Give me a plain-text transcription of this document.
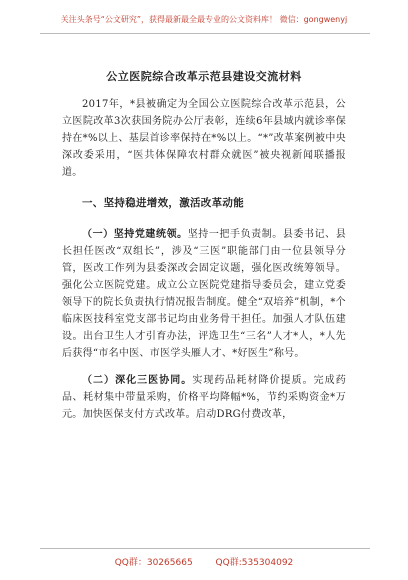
关注头条号“公文研究”，获得最新最全最专业的公文资料库！ 微信：gongwenyj
公立医院综合改革示范县建设交流材料

2017年，*县被确定为全国公立医院综合改革示范县，公立医院改革3次获国务院办公厅表彰，连续6年县域内就诊率保持在*%以上、基层首诊率保持在*%以上。“*”改革案例被中央深改委采用，“医共体保障农村群众就医”被央视新闻联播报道。

一、坚持稳进增效，激活改革动能

（一）坚持党建统领。坚持一把手负责制。县委书记、县长担任医改“双组长”，涉及“三医”职能部门由一位县领导分管，医改工作列为县委深改会固定议题，强化医改统筹领导。强化公立医院党建。成立公立医院党建指导委员会，建立党委领导下的院长负责执行情况报告制度。健全“双培养”机制，*个临床医技科室党支部书记均由业务骨干担任。加强人才队伍建设。出台卫生人才引育办法，评选卫生“三名”人才*人，*人先后获得“市名中医、市医学头雁人才、*好医生”称号。

（二）深化三医协同。实现药品耗材降价提质。完成药品、耗材集中带量采购，价格平均降幅*%，节约采购资金*万元。加快医保支付方式改革。启动DRG付费改革，

QQ群：30265665	QQ群:535304092
